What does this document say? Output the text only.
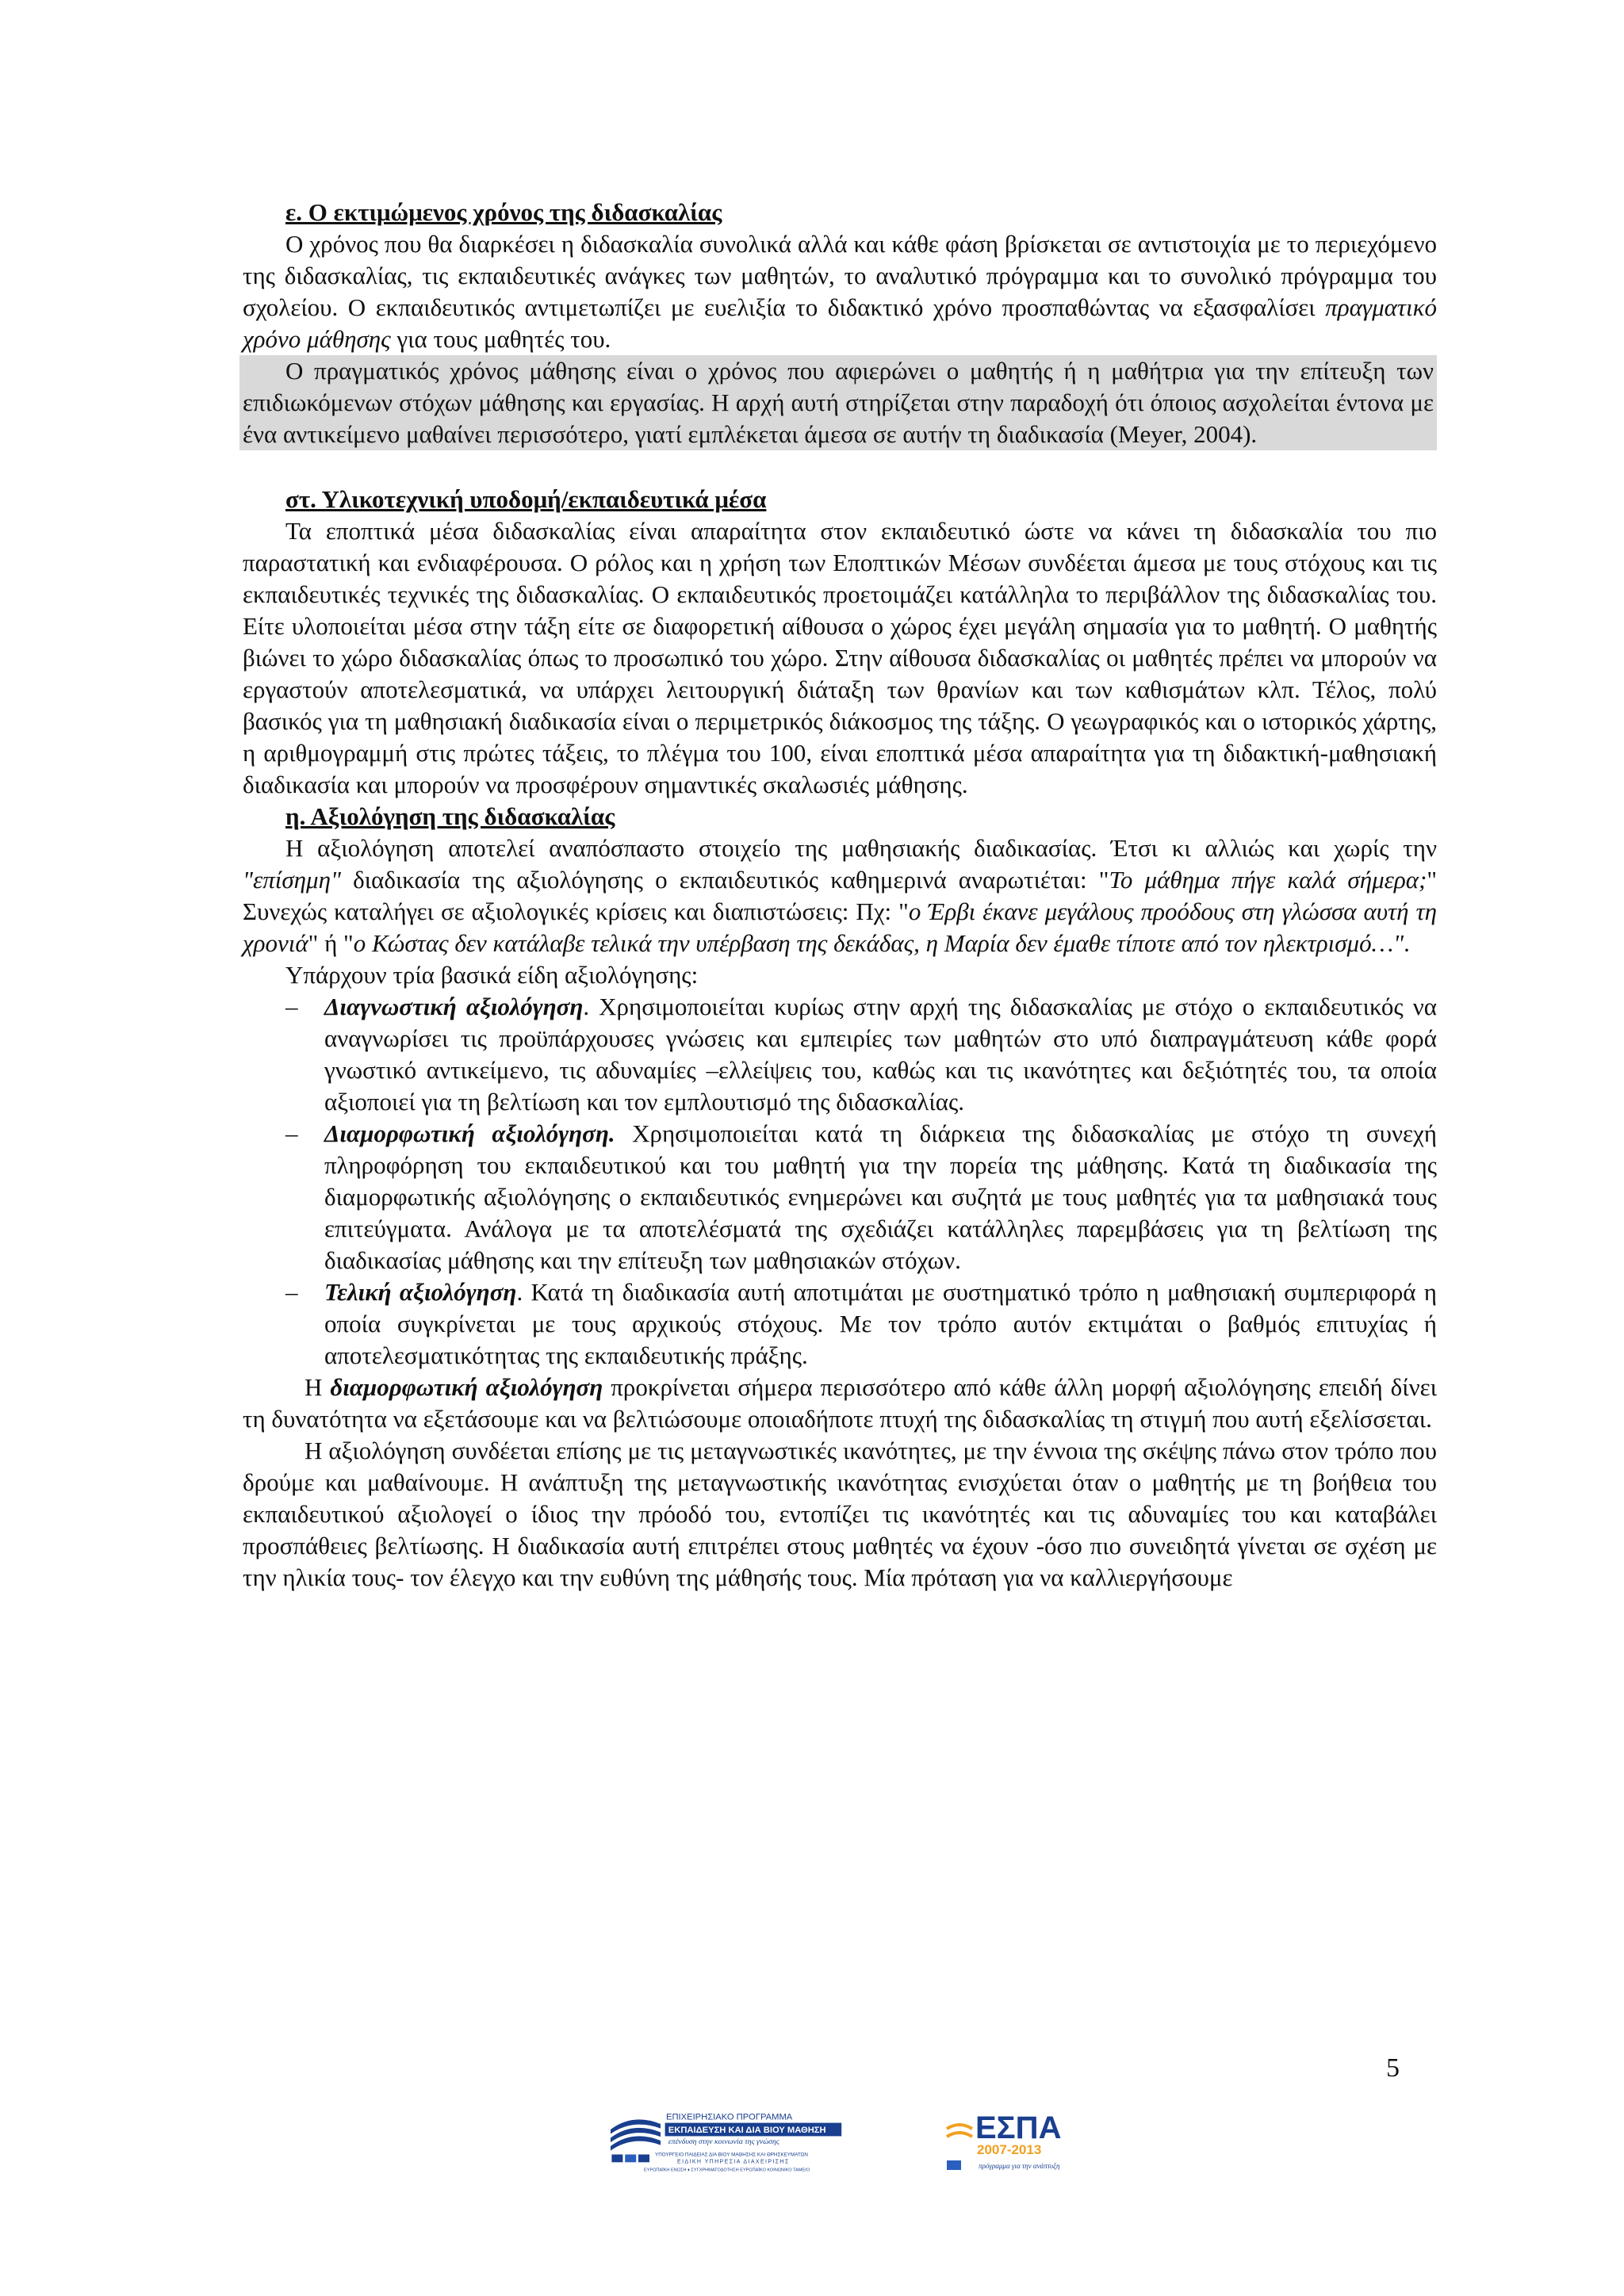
ε. Ο εκτιμώμενος χρόνος της διδασκαλίας

Ο χρόνος που θα διαρκέσει η διδασκαλία συνολικά αλλά και κάθε φάση βρίσκεται σε αντιστοιχία με το περιεχόμενο της διδασκαλίας, τις εκπαιδευτικές ανάγκες των μαθητών, το αναλυτικό πρόγραμμα και το συνολικό πρόγραμμα του σχολείου. Ο εκπαιδευτικός αντιμετωπίζει με ευελιξία το διδακτικό χρόνο προσπαθώντας να εξασφαλίσει πραγματικό χρόνο μάθησης για τους μαθητές του.

Ο πραγματικός χρόνος μάθησης είναι ο χρόνος που αφιερώνει ο μαθητής ή η μαθήτρια για την επίτευξη των επιδιωκόμενων στόχων μάθησης και εργασίας. Η αρχή αυτή στηρίζεται στην παραδοχή ότι όποιος ασχολείται έντονα με ένα αντικείμενο μαθαίνει περισσότερο, γιατί εμπλέκεται άμεσα σε αυτήν τη διαδικασία (Meyer, 2004).

στ. Υλικοτεχνική υποδομή/εκπαιδευτικά μέσα

Τα εποπτικά μέσα διδασκαλίας είναι απαραίτητα στον εκπαιδευτικό ώστε να κάνει τη διδασκαλία του πιο παραστατική και ενδιαφέρουσα. Ο ρόλος και η χρήση των Εποπτικών Μέσων συνδέεται άμεσα με τους στόχους και τις εκπαιδευτικές τεχνικές της διδασκαλίας. Ο εκπαιδευτικός προετοιμάζει κατάλληλα το περιβάλλον της διδασκαλίας του. Είτε υλοποιείται μέσα στην τάξη είτε σε διαφορετική αίθουσα ο χώρος έχει μεγάλη σημασία για το μαθητή. Ο μαθητής βιώνει το χώρο διδασκαλίας όπως το προσωπικό του χώρο. Στην αίθουσα διδασκαλίας οι μαθητές πρέπει να μπορούν να εργαστούν αποτελεσματικά, να υπάρχει λειτουργική διάταξη των θρανίων και των καθισμάτων κλπ. Τέλος, πολύ βασικός για τη μαθησιακή διαδικασία είναι ο περιμετρικός διάκοσμος της τάξης. Ο γεωγραφικός και ο ιστορικός χάρτης, η αριθμογραμμή στις πρώτες τάξεις, το πλέγμα του 100, είναι εποπτικά μέσα απαραίτητα για τη διδακτική-μαθησιακή διαδικασία και μπορούν να προσφέρουν σημαντικές σκαλωσιές μάθησης.

η. Αξιολόγηση της διδασκαλίας

Η αξιολόγηση αποτελεί αναπόσπαστο στοιχείο της μαθησιακής διαδικασίας. Έτσι κι αλλιώς και χωρίς την "επίσημη" διαδικασία της αξιολόγησης ο εκπαιδευτικός καθημερινά αναρωτιέται: "Το μάθημα πήγε καλά σήμερα;" Συνεχώς καταλήγει σε αξιολογικές κρίσεις και διαπιστώσεις: Πχ: "ο Έρβι έκανε μεγάλους προόδους στη γλώσσα αυτή τη χρονιά" ή "ο Κώστας δεν κατάλαβε τελικά την υπέρβαση της δεκάδας, η Μαρία δεν έμαθε τίποτε από τον ηλεκτρισμό…".

Υπάρχουν τρία βασικά είδη αξιολόγησης:

– Διαγνωστική αξιολόγηση. Χρησιμοποιείται κυρίως στην αρχή της διδασκαλίας με στόχο ο εκπαιδευτικός να αναγνωρίσει τις προϋπάρχουσες γνώσεις και εμπειρίες των μαθητών στο υπό διαπραγμάτευση κάθε φορά γνωστικό αντικείμενο, τις αδυναμίες –ελλείψεις του, καθώς και τις ικανότητες και δεξιότητές του, τα οποία αξιοποιεί για τη βελτίωση και τον εμπλουτισμό της διδασκαλίας.
– Διαμορφωτική αξιολόγηση. Χρησιμοποιείται κατά τη διάρκεια της διδασκαλίας με στόχο τη συνεχή πληροφόρηση του εκπαιδευτικού και του μαθητή για την πορεία της μάθησης. Κατά τη διαδικασία της διαμορφωτικής αξιολόγησης ο εκπαιδευτικός ενημερώνει και συζητά με τους μαθητές για τα μαθησιακά τους επιτεύγματα. Ανάλογα με τα αποτελέσματά της σχεδιάζει κατάλληλες παρεμβάσεις για τη βελτίωση της διαδικασίας μάθησης και την επίτευξη των μαθησιακών στόχων.
– Τελική αξιολόγηση. Κατά τη διαδικασία αυτή αποτιμάται με συστηματικό τρόπο η μαθησιακή συμπεριφορά η οποία συγκρίνεται με τους αρχικούς στόχους. Με τον τρόπο αυτόν εκτιμάται ο βαθμός επιτυχίας ή αποτελεσματικότητας της εκπαιδευτικής πράξης.

Η διαμορφωτική αξιολόγηση προκρίνεται σήμερα περισσότερο από κάθε άλλη μορφή αξιολόγησης επειδή δίνει τη δυνατότητα να εξετάσουμε και να βελτιώσουμε οποιαδήποτε πτυχή της διδασκαλίας τη στιγμή που αυτή εξελίσσεται.

Η αξιολόγηση συνδέεται επίσης με τις μεταγνωστικές ικανότητες, με την έννοια της σκέψης πάνω στον τρόπο που δρούμε και μαθαίνουμε. Η ανάπτυξη της μεταγνωστικής ικανότητας ενισχύεται όταν ο μαθητής με τη βοήθεια του εκπαιδευτικού αξιολογεί ο ίδιος την πρόοδό του, εντοπίζει τις ικανότητές και τις αδυναμίες του και καταβάλει προσπάθειες βελτίωσης. Η διαδικασία αυτή επιτρέπει στους μαθητές να έχουν -όσο πιο συνειδητά γίνεται σε σχέση με την ηλικία τους- τον έλεγχο και την ευθύνη της μάθησής τους. Μία πρόταση για να καλλιεργήσουμε

5
ΕΠΙΧΕΙΡΗΣΙΑΚΟ ΠΡΟΓΡΑΜΜΑ
ΕΚΠΑΙΔΕΥΣΗ ΚΑΙ ΔΙΑ ΒΙΟΥ ΜΑΘΗΣΗ
επένδυση στην κοινωνία της γνώσης
ΥΠΟΥΡΓΕΙΟ ΠΑΙΔΕΙΑΣ ΔΙΑ ΒΙΟΥ ΜΑΘΗΣΗΣ ΚΑΙ ΘΡΗΣΚΕΥΜΑΤΩΝ
ΕΙΔΙΚΗ ΥΠΗΡΕΣΙΑ ΔΙΑΧΕΙΡΙΣΗΣ
ΕΥΡΩΠΑΪΚΗ ΕΝΩΣΗ ♦ ΣΥΓΧΡΗΜΑΤΟΔΟΤΗΣΗ ΕΥΡΩΠΑΪΚΟ ΚΟΙΝΩΝΙΚΟ ΤΑΜΕΙΟ
ΕΣΠΑ
2007-2013
πρόγραμμα για την ανάπτυξη
